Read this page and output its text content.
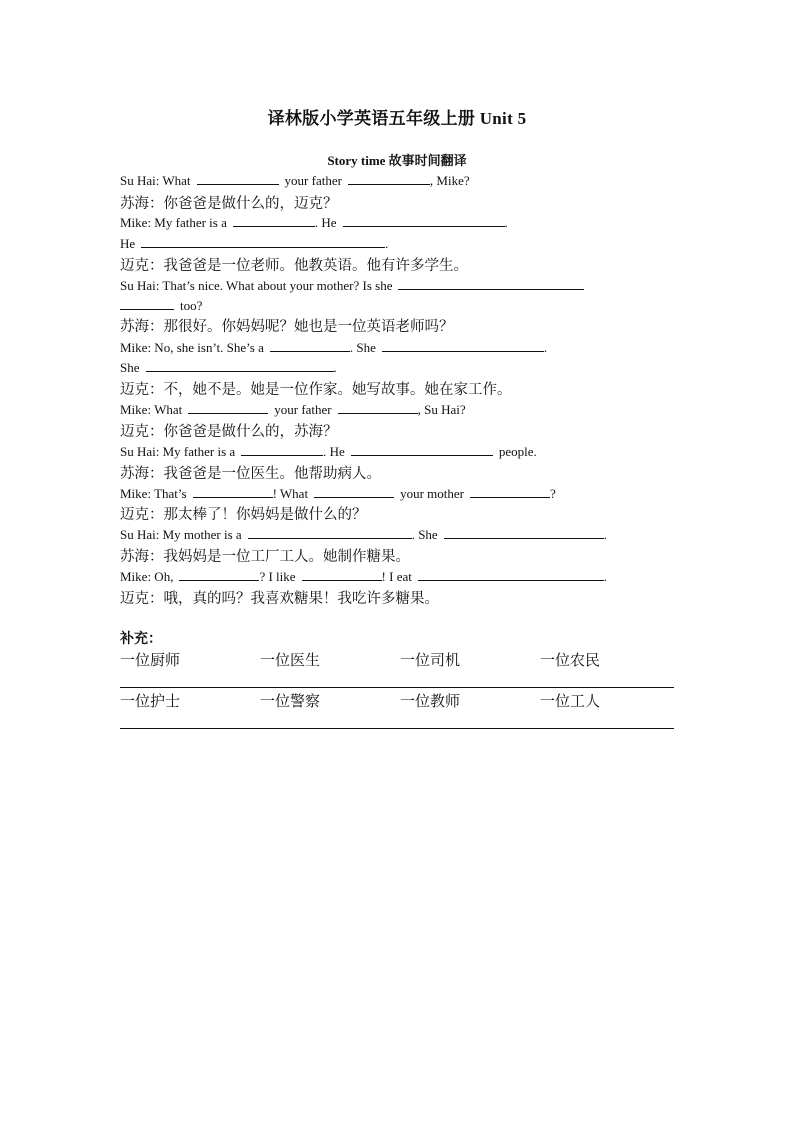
译林版小学英语五年级上册 Unit 5
Story time 故事时间翻译
Su Hai: What	your father	, Mike?
苏海：你爸爸是做什么的，迈克？
Mike: My father is a	. He	.
He	.
迈克：我爸爸是一位老师。他教英语。他有许多学生。
Su Hai: That’s nice. What about your mother? Is she
too?
苏海：那很好。你妈妈呢？她也是一位英语老师吗？
Mike: No, she isn’t. She’s a	. She	.
She	.
迈克：不，她不是。她是一位作家。她写故事。她在家工作。
Mike: What	your father	, Su Hai?
迈克：你爸爸是做什么的，苏海？
Su Hai: My father is a	. He	people.
苏海：我爸爸是一位医生。他帮助病人。
Mike: That’s	! What	your mother	?
迈克：那太棒了！你妈妈是做什么的？
Su Hai: My mother is a	. She	.
苏海：我妈妈是一位工厂工人。她制作糖果。
Mike: Oh,	? I like	! I eat	.
迈克：哦，真的吗？我喜欢糖果！我吃许多糖果。
补充：
一位厨师	一位医生	一位司机	一位农民
一位护士	一位警察	一位教师	一位工人
